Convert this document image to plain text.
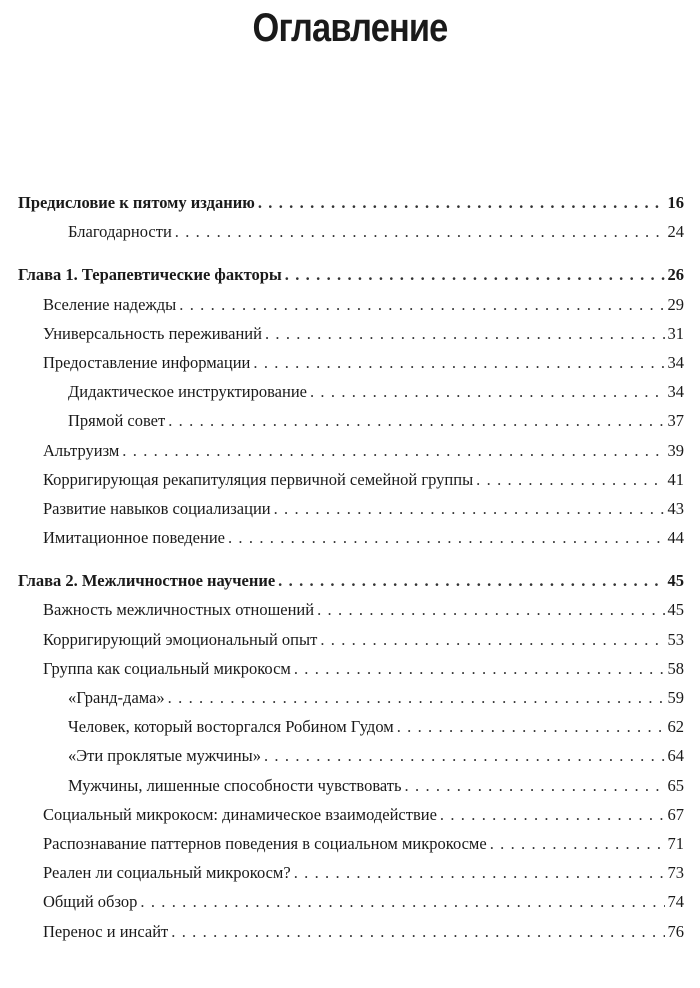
Оглавление
Предисловие к пятому изданию . . .	16
Благодарности . . .	24
Глава 1. Терапевтические факторы . . .	26
Вселение надежды . . .	29
Универсальность переживаний . . .	31
Предоставление информации . . .	34
Дидактическое инструктирование . . .	34
Прямой совет . . .	37
Альтруизм . . .	39
Корригирующая рекапитуляция первичной семейной группы . . .	41
Развитие навыков социализации . . .	43
Имитационное поведение . . .	44
Глава 2. Межличностное научение . . .	45
Важность межличностных отношений . . .	45
Корригирующий эмоциональный опыт . . .	53
Группа как социальный микрокосм . . .	58
«Гранд-дама» . . .	59
Человек, который восторгался Робином Гудом . . .	62
«Эти проклятые мужчины» . . .	64
Мужчины, лишенные способности чувствовать . . .	65
Социальный микрокосм: динамическое взаимодействие . . .	67
Распознавание паттернов поведения в социальном микрокосме . . .	71
Реален ли социальный микрокосм? . . .	73
Общий обзор . . .	74
Перенос и инсайт . . .	76
